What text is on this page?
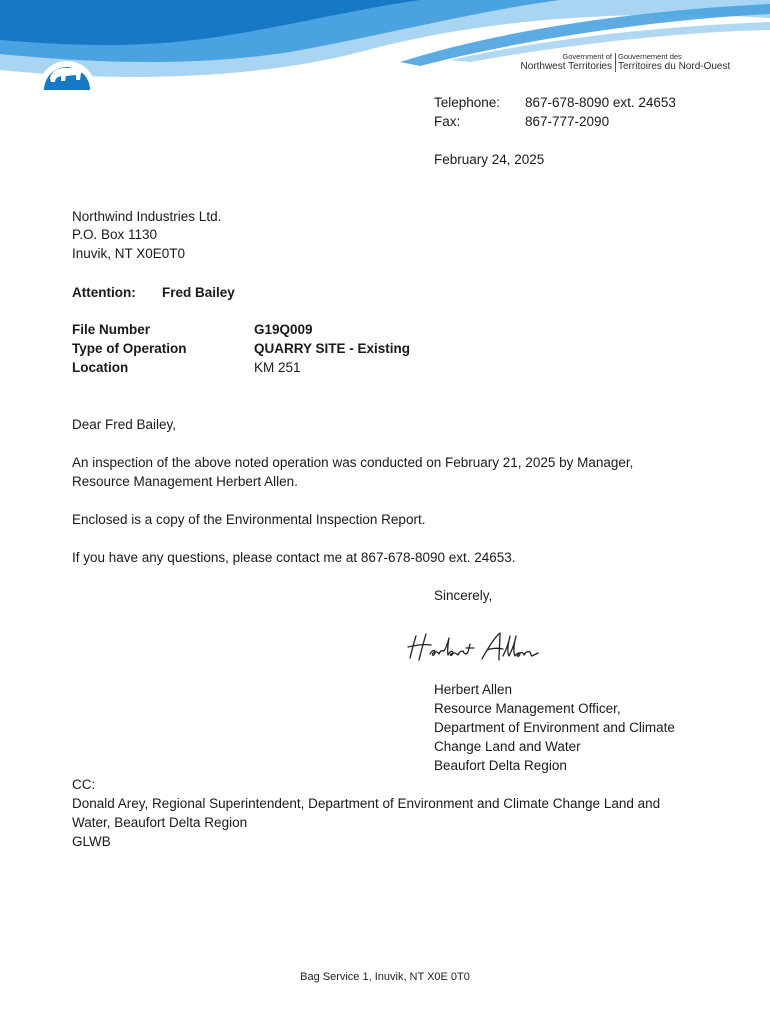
Government of
Northwest Territories
Gouvernement des
Territoires du Nord-Ouest
Telephone: 867-678-8090 ext. 24653
Fax:	867-777-2090
February 24, 2025
Northwind Industries Ltd.
P.O. Box 1130
Inuvik, NT X0E0T0
Attention: Fred Bailey
File Number	G19Q009
Type of Operation	QUARRY SITE - Existing
Location	KM 251
Dear Fred Bailey,
An inspection of the above noted operation was conducted on February 21, 2025 by Manager,
Resource Management Herbert Allen.
Enclosed is a copy of the Environmental Inspection Report.
If you have any questions, please contact me at 867-678-8090 ext. 24653.
Sincerely,
Herbert Allen
Resource Management Officer,
Department of Environment and Climate
Change Land and Water
Beaufort Delta Region
CC:
Donald Arey, Regional Superintendent, Department of Environment and Climate Change Land and
Water, Beaufort Delta Region
GLWB
Bag Service 1, Inuvik, NT X0E 0T0
